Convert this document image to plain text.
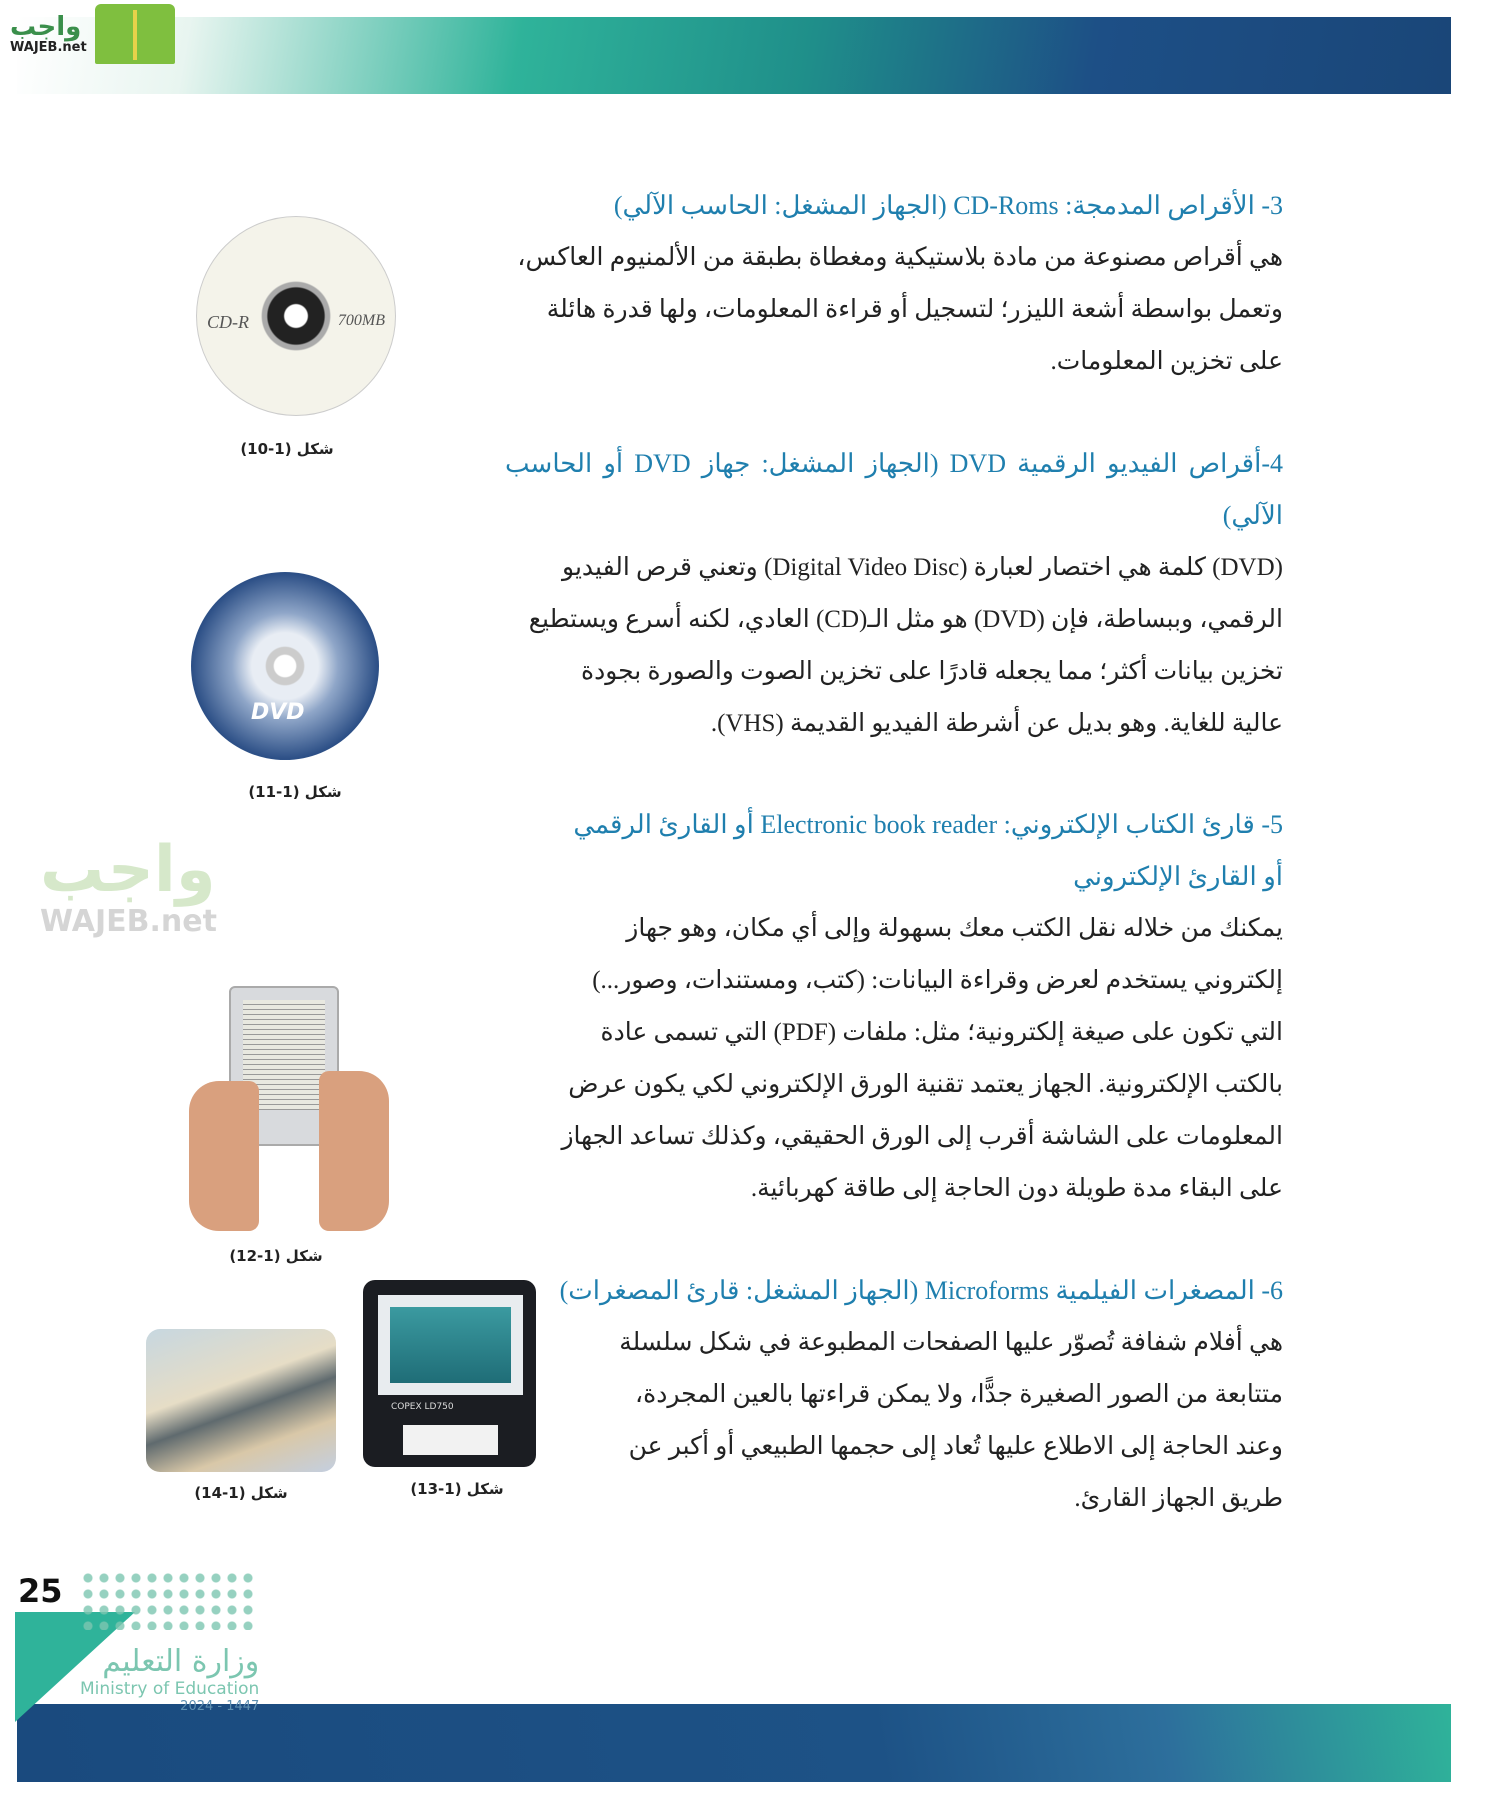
واجب
WAJEB.net
واجب
WAJEB.net
3- الأقراص المدمجة: CD-Roms (الجهاز المشغل: الحاسب الآلي)
هي أقراص مصنوعة من مادة بلاستيكية ومغطاة بطبقة من الألمنيوم العاكس،
وتعمل بواسطة أشعة الليزر؛ لتسجيل أو قراءة المعلومات، ولها قدرة هائلة
على تخزين المعلومات.
4-أقراص الفيديو الرقمية DVD (الجهاز المشغل: جهاز DVD أو الحاسب الآلي)
(DVD) كلمة هي اختصار لعبارة (Digital Video Disc) وتعني قرص الفيديو
الرقمي، وببساطة، فإن (DVD) هو مثل الـ(CD) العادي، لكنه أسرع ويستطيع
تخزين بيانات أكثر؛ مما يجعله قادرًا على تخزين الصوت والصورة بجودة
عالية للغاية. وهو بديل عن أشرطة الفيديو القديمة (VHS).
5- قارئ الكتاب الإلكتروني: Electronic book reader أو القارئ الرقمي
أو القارئ الإلكتروني
يمكنك من خلاله نقل الكتب معك بسهولة وإلى أي مكان، وهو جهاز
إلكتروني يستخدم لعرض وقراءة البيانات: (كتب، ومستندات، وصور...)
التي تكون على صيغة إلكترونية؛ مثل: ملفات (PDF) التي تسمى عادة
بالكتب الإلكترونية. الجهاز يعتمد تقنية الورق الإلكتروني لكي يكون عرض
المعلومات على الشاشة أقرب إلى الورق الحقيقي، وكذلك تساعد الجهاز
على البقاء مدة طويلة دون الحاجة إلى طاقة كهربائية.
6- المصغرات الفيلمية Microforms (الجهاز المشغل: قارئ المصغرات)
هي أفلام شفافة تُصوّر عليها الصفحات المطبوعة في شكل سلسلة
متتابعة من الصور الصغيرة جدًّا، ولا يمكن قراءتها بالعين المجردة،
وعند الحاجة إلى الاطلاع عليها تُعاد إلى حجمها الطبيعي أو أكبر عن
طريق الجهاز القارئ.
CD-R	700MB
شكل (1-10)
DVD
شكل (1-11)
شكل (1-12)
COPEX LD750
شكل (1-13)
شكل (1-14)
وزارة التعليم
Ministry of Education
2024 - 1447
25
